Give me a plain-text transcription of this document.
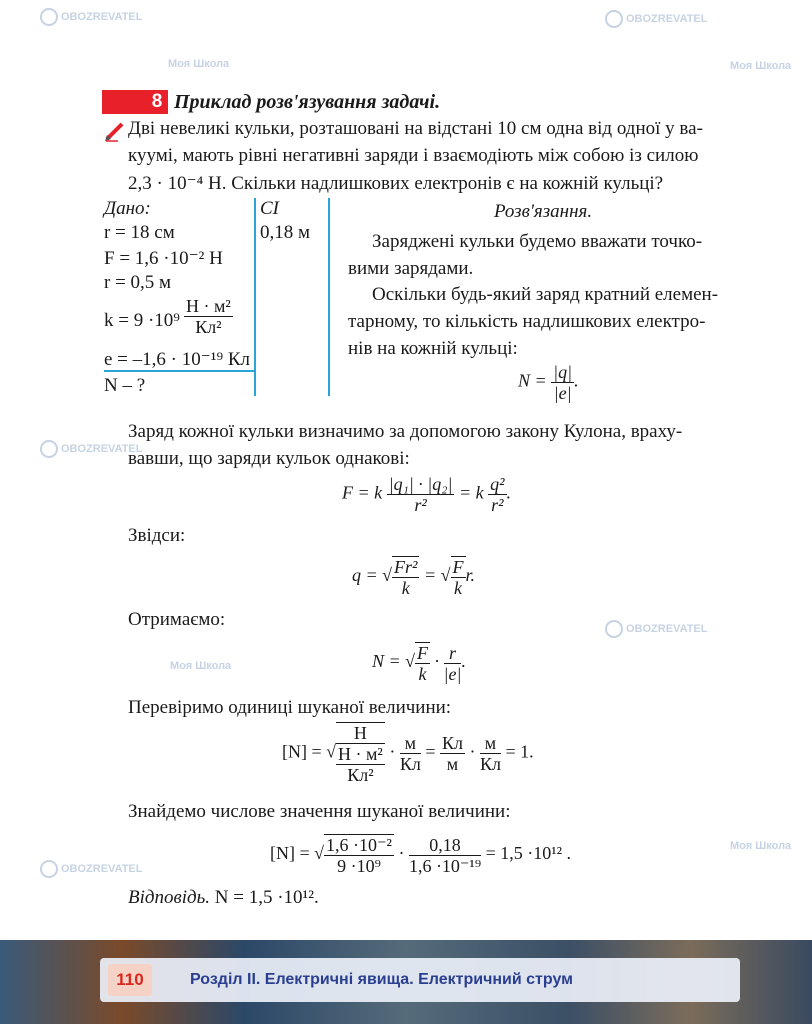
OBOZREVATEL
Моя Школа
OBOZREVATEL
Моя Школа
OBOZREVATEL
OBOZREVATEL
Моя Школа
OBOZREVATEL
Моя Школа
8 Приклад розв'язування задачі.
Дві невеликі кульки, розташовані на відстані 10 см одна від одної у ва-
куумі, мають рівні негативні заряди і взаємодіють між собою із силою
2,3 · 10⁻⁴ Н. Скільки надлишкових електронів є на кожній кульці?
Дано:	СІ
r = 18 см	0,18 м
F = 1,6 ·10⁻² Н
r = 0,5 м
$k = 9 \cdot 10^9 \frac{\text{Н · м²}}{\text{Кл²}}$
e = –1,6 · 10⁻¹⁹ Кл
N – ?
Розв'язання.
Заряджені кульки будемо вважати точко-
вими зарядами.
Оскільки будь-який заряд кратний елемен-
тарному, то кількість надлишкових електро-
нів на кожній кульці:
$N = \frac{|q|}{|e|}$ .
Заряд кожної кульки визначимо за допомогою закону Кулона, враху-
вавши, що заряди кульок однакові:
F = k $\frac{\text{|q₁| · |q₂|}}{\text{r²}} = k \frac{\text{q²}}{\text{r²}}$ .
Звідси:
q = √ $\frac{\text{Fr²}}{k}$ = √ $\frac{F}{k} r$.
Отримаємо:
N = √ $\frac{F}{k} \cdot \frac{r}{|e|}$ .
Перевіримо одиниці шуканої величини:
[N] = √ Н
Н · м²
$Кл^2 \cdot \frac{м}{Кл} = \frac{Кл}{м} \cdot \frac{м}{Кл} = 1$.
Знайдемо числове значення шуканої величини:
[N] = √ $\frac{\text{1,6 ·10⁻²}}{\text{9 ·10⁹}} \cdot \frac{0,18}{\text{1,6 ·10⁻¹⁹}} = 1,5 \cdot 10^{12}$ .
Відповідь. N = 1,5 ·10¹².
110	Розділ ІІ. Електричні явища. Електричний струм
